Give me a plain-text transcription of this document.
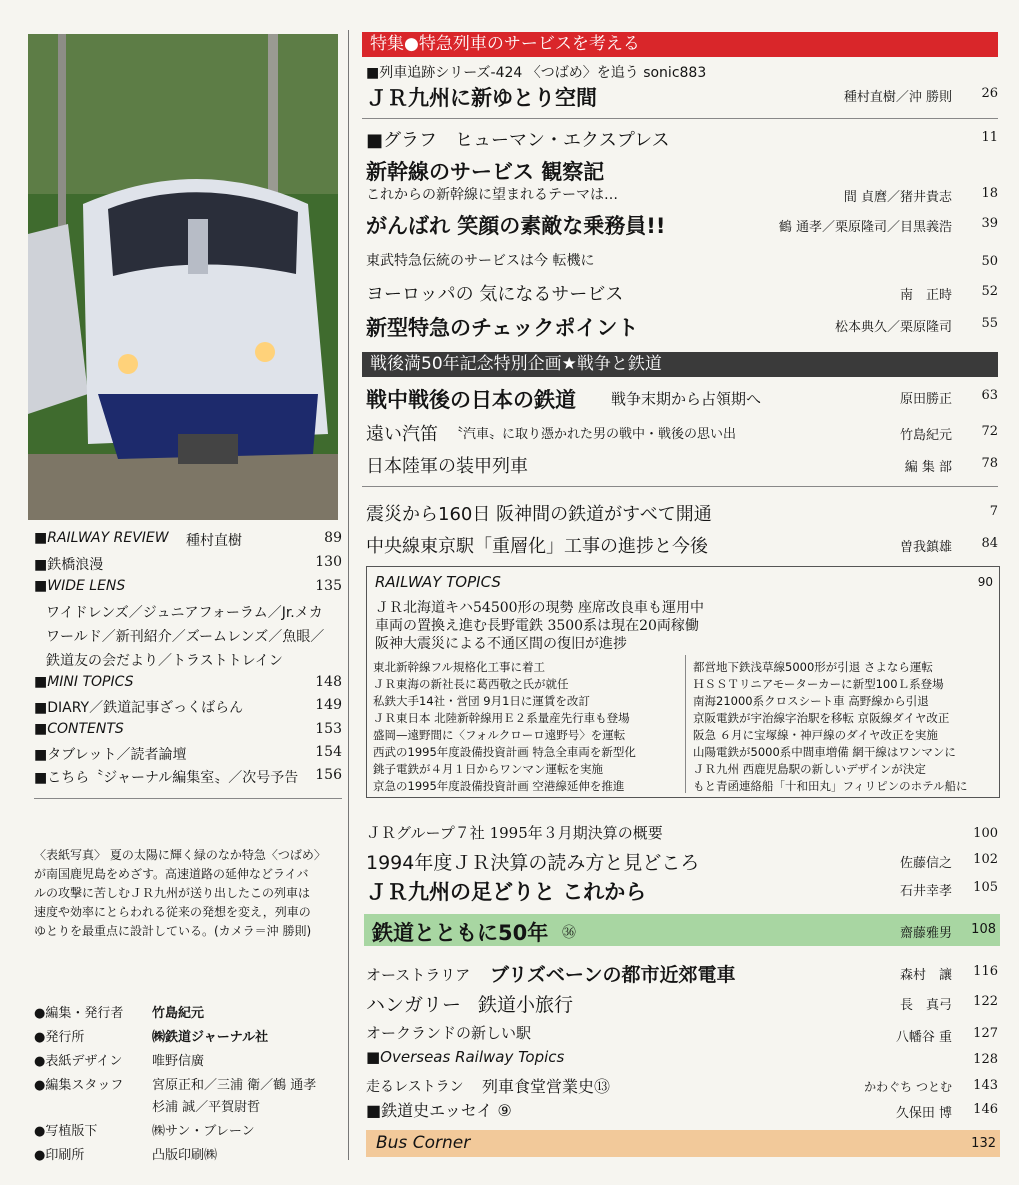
特集●特急列車のサービスを考える
■列車追跡シリーズ-424 〈つばめ〉を追う sonic883
ＪＲ九州に新ゆとり空間	種村直樹／沖 勝則 26
■グラフ　ヒューマン・エクスプレス	11
新幹線のサービス 観察記
これからの新幹線に望まれるテーマは…	間 貞麿／猪井貴志 18
がんばれ 笑顔の素敵な乗務員!!	鶴 通孝／栗原隆司／目黒義浩 39
東武特急伝統のサービスは今 転機に	50
ヨーロッパの 気になるサービス	南　正時 52
新型特急のチェックポイント	松本典久／栗原隆司 55
戦後満50年記念特別企画★戦争と鉄道
戦中戦後の日本の鉄道 戦争末期から占領期へ	原田勝正 63
遠い汽笛 〝汽車〟に取り憑かれた男の戦中・戦後の思い出	竹島紀元 72
日本陸軍の装甲列車	編 集 部 78
震災から160日 阪神間の鉄道がすべて開通	7
中央線東京駅「重層化」工事の進捗と今後	曽我鎮雄 84
RAILWAY TOPICS	90
ＪＲ北海道キハ54500形の現勢 座席改良車も運用中
車両の置換え進む長野電鉄 3500系は現在20両稼働
阪神大震災による不通区間の復旧が進捗
東北新幹線フル規格化工事に着工
ＪＲ東海の新社長に葛西敬之氏が就任
私鉄大手14社・営団 9月1日に運賃を改訂
ＪＲ東日本 北陸新幹線用Ｅ２系量産先行車も登場
盛岡—遠野間に〈フォルクローロ遠野号〉を運転
西武の1995年度設備投資計画 特急全車両を新型化
銚子電鉄が４月１日からワンマン運転を実施
京急の1995年度設備投資計画 空港線延伸を推進
都営地下鉄浅草線5000形が引退 さよなら運転
ＨＳＳＴリニアモーターカーに新型100Ｌ系登場
南海21000系クロスシート車 高野線から引退
京阪電鉄が宇治線字治駅を移転 京阪線ダイヤ改正
阪急 ６月に宝塚線・神戸線のダイヤ改正を実施
山陽電鉄が5000系中間車増備 網干線はワンマンに
ＪＲ九州 西鹿児島駅の新しいデザインが決定
もと青函連絡船「十和田丸」フィリピンのホテル船に
ＪＲグループ７社 1995年３月期決算の概要	100
1994年度ＪＲ決算の読み方と見どころ	佐藤信之 102
ＪＲ九州の足どりと これから	石井幸孝 105
鉄道とともに50年 ㊱	齋藤雅男 108
オーストラリア ブリズベーンの都市近郊電車	森村　讓 116
ハンガリー 鉄道小旅行	長　真弓 122
オークランドの新しい駅	八幡谷 重 127
■Overseas Railway Topics	128
走るレストラン 列車食堂営業史⑬	かわぐち つとむ 143
■鉄道史エッセイ ⑨	久保田 博 146
Bus Corner	132
■RAILWAY REVIEW 種村直樹	89
■鉄橋浪漫	130
■WIDE LENS	135
ワイドレンズ／ジュニアフォーラム／Jr.メカ
ワールド／新刊紹介／ズームレンズ／魚眼／
鉄道友の会だより／トラストトレイン
■MINI TOPICS	148
■DIARY／鉄道記事ざっくばらん	149
■CONTENTS	153
■タブレット／読者論壇	154
■こちら〝ジャーナル編集室〟／次号予告 156
〈表紙写真〉 夏の太陽に輝く緑のなか特急〈つばめ〉
が南国鹿児島をめざす。高速道路の延伸などライバ
ルの攻撃に苦しむＪＲ九州が送り出したこの列車は
速度や効率にとらわれる従来の発想を変え，列車の
ゆとりを最重点に設計している。(カメラ＝沖 勝則)
●編集・発行者 竹島紀元
●発行所	㈱鉄道ジャーナル社
●表紙デザイン 唯野信廣
●編集スタッフ 宮原正和／三浦 衛／鶴 通孝
杉浦 誠／平賀尉哲
●写植版下	㈱サン・ブレーン
●印刷所	凸版印刷㈱
